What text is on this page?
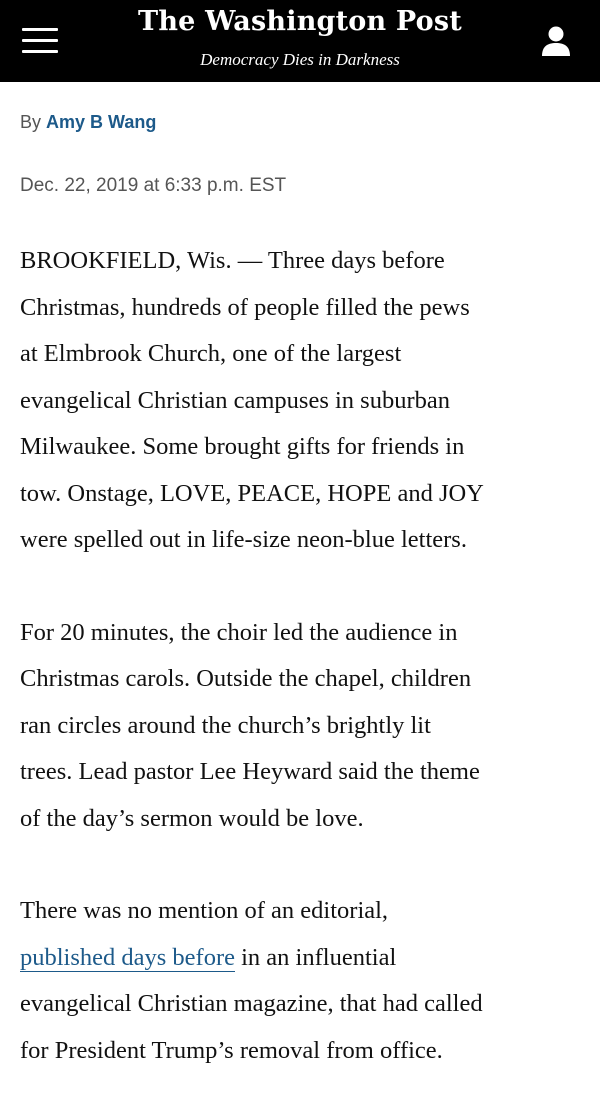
The Washington Post
Democracy Dies in Darkness
By Amy B Wang
Dec. 22, 2019 at 6:33 p.m. EST

BROOKFIELD, Wis. — Three days before
Christmas, hundreds of people filled the pews
at Elmbrook Church, one of the largest
evangelical Christian campuses in suburban
Milwaukee. Some brought gifts for friends in
tow. Onstage, LOVE, PEACE, HOPE and JOY
were spelled out in life-size neon-blue letters.

For 20 minutes, the choir led the audience in
Christmas carols. Outside the chapel, children
ran circles around the church’s brightly lit
trees. Lead pastor Lee Heyward said the theme
of the day’s sermon would be love.

There was no mention of an editorial,
published days before in an influential
evangelical Christian magazine, that had called
for President Trump’s removal from office.
